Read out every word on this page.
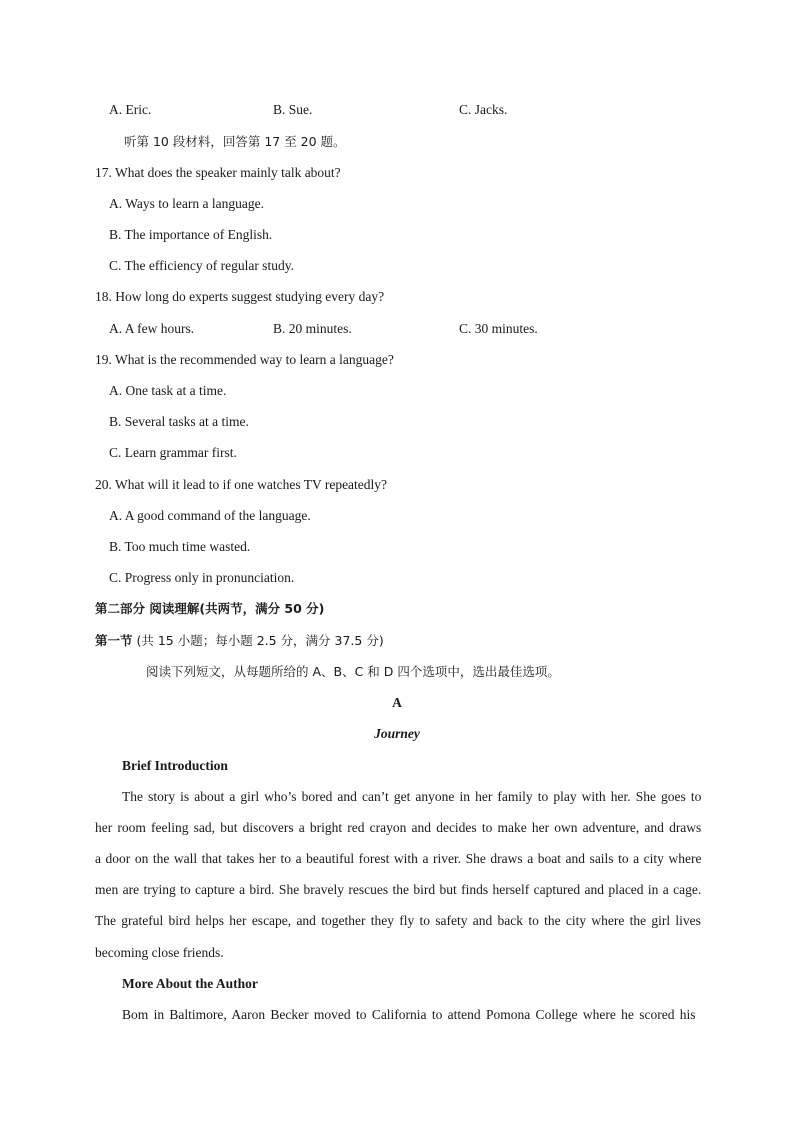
A. Eric.	B. Sue.	C. Jacks.
听第 10 段材料，回答第 17 至 20 题。
17. What does the speaker mainly talk about?
A. Ways to learn a language.
B. The importance of English.
C. The efficiency of regular study.
18. How long do experts suggest studying every day?
A. A few hours.	B. 20 minutes.	C. 30 minutes.
19. What is the recommended way to learn a language?
A. One task at a time.
B. Several tasks at a time.
C. Learn grammar first.
20. What will it lead to if one watches TV repeatedly?
A. A good command of the language.
B. Too much time wasted.
C. Progress only in pronunciation.
第二部分 阅读理解(共两节，满分 50 分)
第一节 (共 15 小题；每小题 2.5 分，满分 37.5 分)
阅读下列短文，从每题所给的 A、B、C 和 D 四个选项中，选出最佳选项。
A
Journey
Brief Introduction
The story is about a girl who’s bored and can’t get anyone in her family to play with her. She goes to
her room feeling sad, but discovers a bright red crayon and decides to make her own adventure, and draws
a door on the wall that takes her to a beautiful forest with a river. She draws a boat and sails to a city where
men are trying to capture a bird. She bravely rescues the bird but finds herself captured and placed in a cage.
The grateful bird helps her escape, and together they fly to safety and back to the city where the girl lives
becoming close friends.
More About the Author
Bom in Baltimore, Aaron Becker moved to California to attend Pomona College where he scored his
